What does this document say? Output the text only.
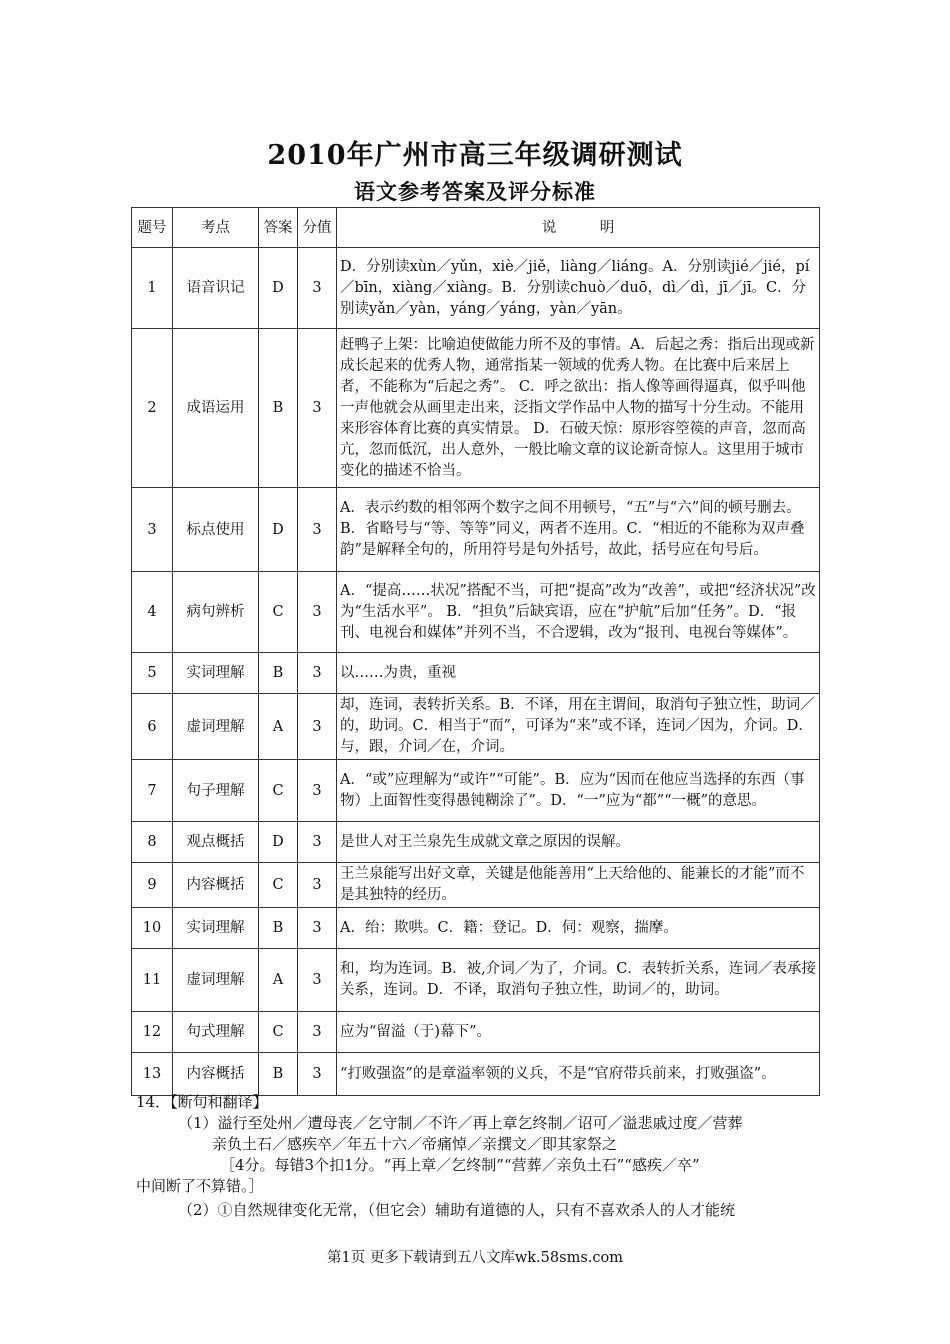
2010年广州市高三年级调研测试
语文参考答案及评分标准
题号	考点	答案	分值	说　　　明
1	语音识记	D	3	D．分别读xùn／yǔn，xiè／jiě，liàng／liáng。A．分别读jié／jié，pí／bīn，xiàng／xiàng。B．分别读chuò／duō，dì／dì，jī／jī。C．分别读yǎn／yàn，yáng／yáng，yàn／yān。
2	成语运用	B	3	赶鸭子上架：比喻迫使做能力所不及的事情。A．后起之秀：指后出现或新成长起来的优秀人物，通常指某一领域的优秀人物。在比赛中后来居上者，不能称为“后起之秀”。 C．呼之欲出：指人像等画得逼真，似乎叫他一声他就会从画里走出来，泛指文学作品中人物的描写十分生动。不能用来形容体育比赛的真实情景。 D．石破天惊：原形容箜篌的声音，忽而高亢，忽而低沉，出人意外，一般比喻文章的议论新奇惊人。这里用于城市变化的描述不恰当。
3	标点使用	D	3	A．表示约数的相邻两个数字之间不用顿号，“五”与“六”间的顿号删去。B．省略号与“等、等等”同义，两者不连用。C．“相近的不能称为双声叠韵”是解释全句的，所用符号是句外括号，故此，括号应在句号后。
4	病句辨析	C	3	A．“提高……状况”搭配不当，可把“提高”改为“改善”，或把“经济状况”改为“生活水平”。 B．“担负”后缺宾语，应在“护航”后加“任务”。D．“报刊、电视台和媒体”并列不当，不合逻辑，改为“报刊、电视台等媒体”。
5	实词理解	B	3	以……为贵，重视
6	虚词理解	A	3	却，连词，表转折关系。B．不译，用在主谓间，取消句子独立性，助词／的，助词。C．相当于“而”，可译为“来”或不译，连词／因为，介词。D．与，跟，介词／在，介词。
7	句子理解	C	3	A．“或”应理解为“或许”“可能”。B．应为“因而在他应当选择的东西（事物）上面智性变得愚钝糊涂了”。D．“一”应为“都”“一概”的意思。
8	观点概括	D	3	是世人对王兰泉先生成就文章之原因的误解。
9	内容概括	C	3	王兰泉能写出好文章，关键是他能善用“上天给他的、能兼长的才能”而不是其独特的经历。
10	实词理解	B	3	A．绐：欺哄。C．籍：登记。D．伺：观察，揣摩。
11	虚词理解	A	3	和，均为连词。B．被,介词／为了，介词。C．表转折关系，连词／表承接关系，连词。D．不译，取消句子独立性，助词／的，助词。
12	句式理解	C	3	应为“留溢（于)幕下”。
13	内容概括	B	3	“打败强盗”的是章溢率领的义兵，不是“官府带兵前来，打败强盗”。
14．【断句和翻译】
（1）溢行至处州／遭母丧／乞守制／不许／再上章乞终制／诏可／溢悲戚过度／营葬
亲负土石／感疾卒／年五十六／帝痛悼／亲撰文／即其家祭之
［4分。每错3个扣1分。“再上章／乞终制”“营葬／亲负土石”“感疾／卒”
中间断了不算错。］
（2）①自然规律变化无常，（但它会）辅助有道德的人，只有不喜欢杀人的人才能统
第1页 更多下载请到五八文库wk.58sms.com
